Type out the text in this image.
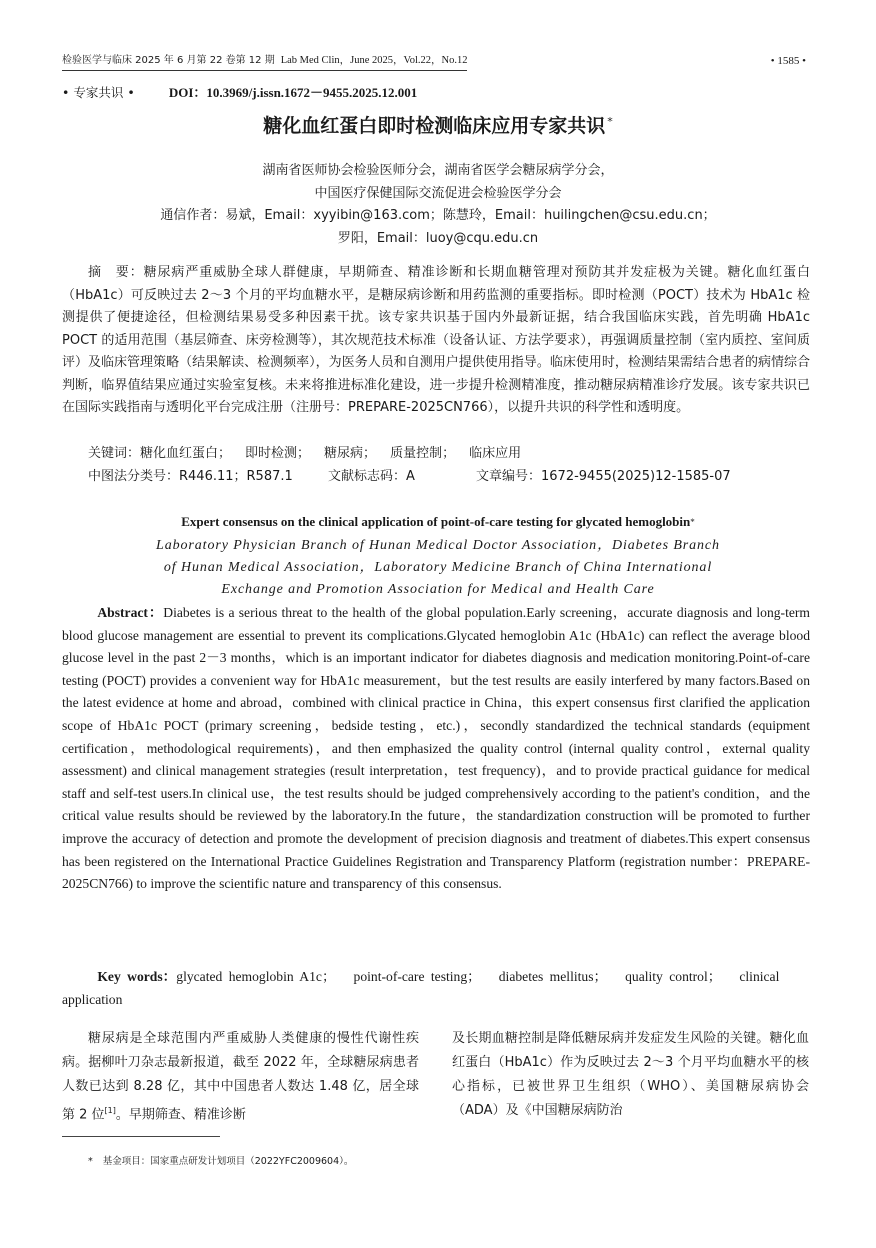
检验医学与临床 2025 年 6 月第 22 卷第 12 期 Lab Med Clin，June 2025，Vol.22，No.12	• 1585 •
• 专家共识 •	DOI：10.3969/j.issn.1672－9455.2025.12.001
糖化血红蛋白即时检测临床应用专家共识 *
湖南省医师协会检验医师分会，湖南省医学会糖尿病学分会，
中国医疗保健国际交流促进会检验医学分会
通信作者：易斌，Email：xyyibin@163.com；陈慧玲，Email：huilingchen@csu.edu.cn；
罗阳，Email：luoy@cqu.edu.cn

摘　要：糖尿病严重威胁全球人群健康，早期筛查、精准诊断和长期血糖管理对预防其并发症极为关键。糖化血红蛋白（HbA1c）可反映过去 2～3 个月的平均血糖水平，是糖尿病诊断和用药监测的重要指标。即时检测（POCT）技术为 HbA1c 检测提供了便捷途径，但检测结果易受多种因素干扰。该专家共识基于国内外最新证据，结合我国临床实践，首先明确 HbA1c POCT 的适用范围（基层筛查、床旁检测等），其次规范技术标准（设备认证、方法学要求），再强调质量控制（室内质控、室间质评）及临床管理策略（结果解读、检测频率），为医务人员和自测用户提供使用指导。临床使用时，检测结果需结合患者的病情综合判断，临界值结果应通过实验室复核。未来将推进标准化建设，进一步提升检测精准度，推动糖尿病精准诊疗发展。该专家共识已在国际实践指南与透明化平台完成注册（注册号：PREPARE-2025CN766），以提升共识的科学性和透明度。

关键词：糖化血红蛋白； 即时检测； 糖尿病； 质量控制； 临床应用
中图法分类号：R446.11；R587.1	文献标志码：A	文章编号：1672-9455(2025)12-1585-07
Expert consensus on the clinical application of point-of-care testing for glycated hemoglobin*
Laboratory Physician Branch of Hunan Medical Doctor Association，Diabetes Branch
of Hunan Medical Association，Laboratory Medicine Branch of China International
Exchange and Promotion Association for Medical and Health Care

Abstract：Diabetes is a serious threat to the health of the global population.Early screening，accurate diagnosis and long-term blood glucose management are essential to prevent its complications.Glycated hemoglobin A1c (HbA1c) can reflect the average blood glucose level in the past 2－3 months，which is an important indicator for diabetes diagnosis and medication monitoring.Point-of-care testing (POCT) provides a convenient way for HbA1c measurement，but the test results are easily interfered by many factors.Based on the latest evidence at home and abroad，combined with clinical practice in China，this expert consensus first clarified the application scope of HbA1c POCT (primary screening，bedside testing，etc.)，secondly standardized the technical standards (equipment certification，methodological requirements)，and then emphasized the quality control (internal quality control，external quality assessment) and clinical management strategies (result interpretation，test frequency)，and to provide practical guidance for medical staff and self-test users.In clinical use，the test results should be judged comprehensively according to the patient's condition，and the critical value results should be reviewed by the laboratory.In the future，the standardization construction will be promoted to further improve the accuracy of detection and promote the development of precision diagnosis and treatment of diabetes.This expert consensus has been registered on the International Practice Guidelines Registration and Transparency Platform (registration number：PREPARE-2025CN766) to improve the scientific nature and transparency of this consensus.

Key words：glycated hemoglobin A1c； point-of-care testing； diabetes mellitus； quality control； clinical application

糖尿病是全球范围内严重威胁人类健康的慢性代谢性疾病。据柳叶刀杂志最新报道，截至 2022 年，全球糖尿病患者人数已达到 8.28 亿，其中中国患者人数达 1.48 亿，居全球第 2 位[1]。早期筛查、精准诊断

及长期血糖控制是降低糖尿病并发症发生风险的关键。糖化血红蛋白（HbA1c）作为反映过去 2～3 个月平均血糖水平的核心指标，已被世界卫生组织（WHO）、美国糖尿病协会（ADA）及《中国糖尿病防治

* 基金项目：国家重点研发计划项目（2022YFC2009604）。
